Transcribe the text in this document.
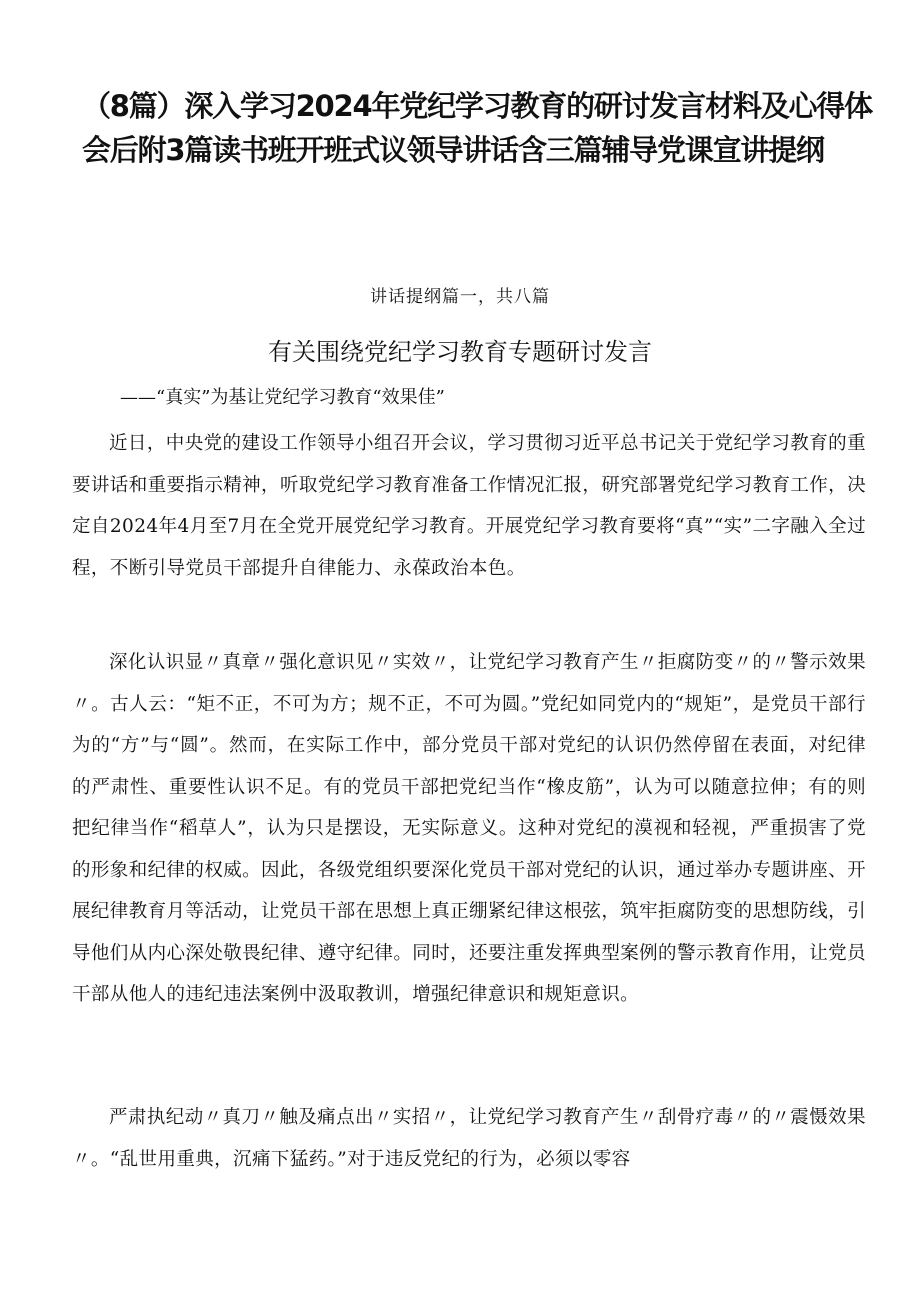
（8篇）深入学习2024年党纪学习教育的研讨发言材料及心得体会后附3篇读书班开班式议领导讲话含三篇辅导党课宣讲提纲
讲话提纲篇一，共八篇
有关围绕党纪学习教育专题研讨发言
——“真实”为基让党纪学习教育“效果佳”

近日，中央党的建设工作领导小组召开会议，学习贯彻习近平总书记关于党纪学习教育的重要讲话和重要指示精神，听取党纪学习教育准备工作情况汇报，研究部署党纪学习教育工作，决定自2024年4月至7月在全党开展党纪学习教育。开展党纪学习教育要将“真”“实”二字融入全过程，不断引导党员干部提升自律能力、永葆政治本色。

深化认识显〃真章〃强化意识见〃实效〃，让党纪学习教育产生〃拒腐防变〃的〃警示效果〃。古人云：“矩不正，不可为方；规不正，不可为圆。”党纪如同党内的“规矩”，是党员干部行为的“方”与“圆”。然而，在实际工作中，部分党员干部对党纪的认识仍然停留在表面，对纪律的严肃性、重要性认识不足。有的党员干部把党纪当作“橡皮筋”，认为可以随意拉伸；有的则把纪律当作“稻草人”，认为只是摆设，无实际意义。这种对党纪的漠视和轻视，严重损害了党的形象和纪律的权威。因此，各级党组织要深化党员干部对党纪的认识，通过举办专题讲座、开展纪律教育月等活动，让党员干部在思想上真正绷紧纪律这根弦，筑牢拒腐防变的思想防线，引导他们从内心深处敬畏纪律、遵守纪律。同时，还要注重发挥典型案例的警示教育作用，让党员干部从他人的违纪违法案例中汲取教训，增强纪律意识和规矩意识。

严肃执纪动〃真刀〃触及痛点出〃实招〃，让党纪学习教育产生〃刮骨疗毒〃的〃震慑效果〃。“乱世用重典，沉痛下猛药。”对于违反党纪的行为，必须以零容
